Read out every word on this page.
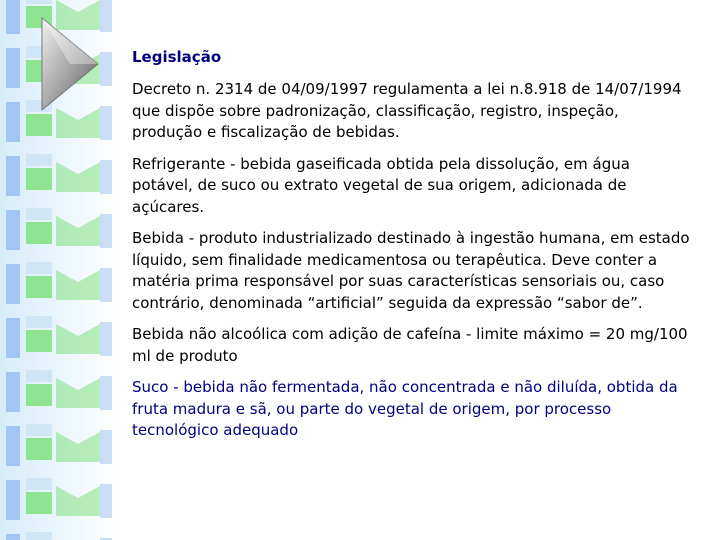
Legislação

Decreto n. 2314 de 04/09/1997 regulamenta a lei n.8.918 de 14/07/1994 que dispõe sobre padronização, classificação, registro, inspeção, produção e fiscalização de bebidas.

Refrigerante - bebida gaseificada obtida pela dissolução, em água potável, de suco ou extrato vegetal de sua origem, adicionada de açúcares.

Bebida - produto industrializado destinado à ingestão humana, em estado líquido, sem finalidade medicamentosa ou terapêutica. Deve conter a matéria prima responsável por suas características sensoriais ou, caso contrário, denominada “artificial” seguida da expressão “sabor de”.

Bebida não alcoólica com adição de cafeína - limite máximo = 20 mg/100 ml de produto

Suco - bebida não fermentada, não concentrada e não diluída, obtida da fruta madura e sã, ou parte do vegetal de origem, por processo tecnológico adequado
